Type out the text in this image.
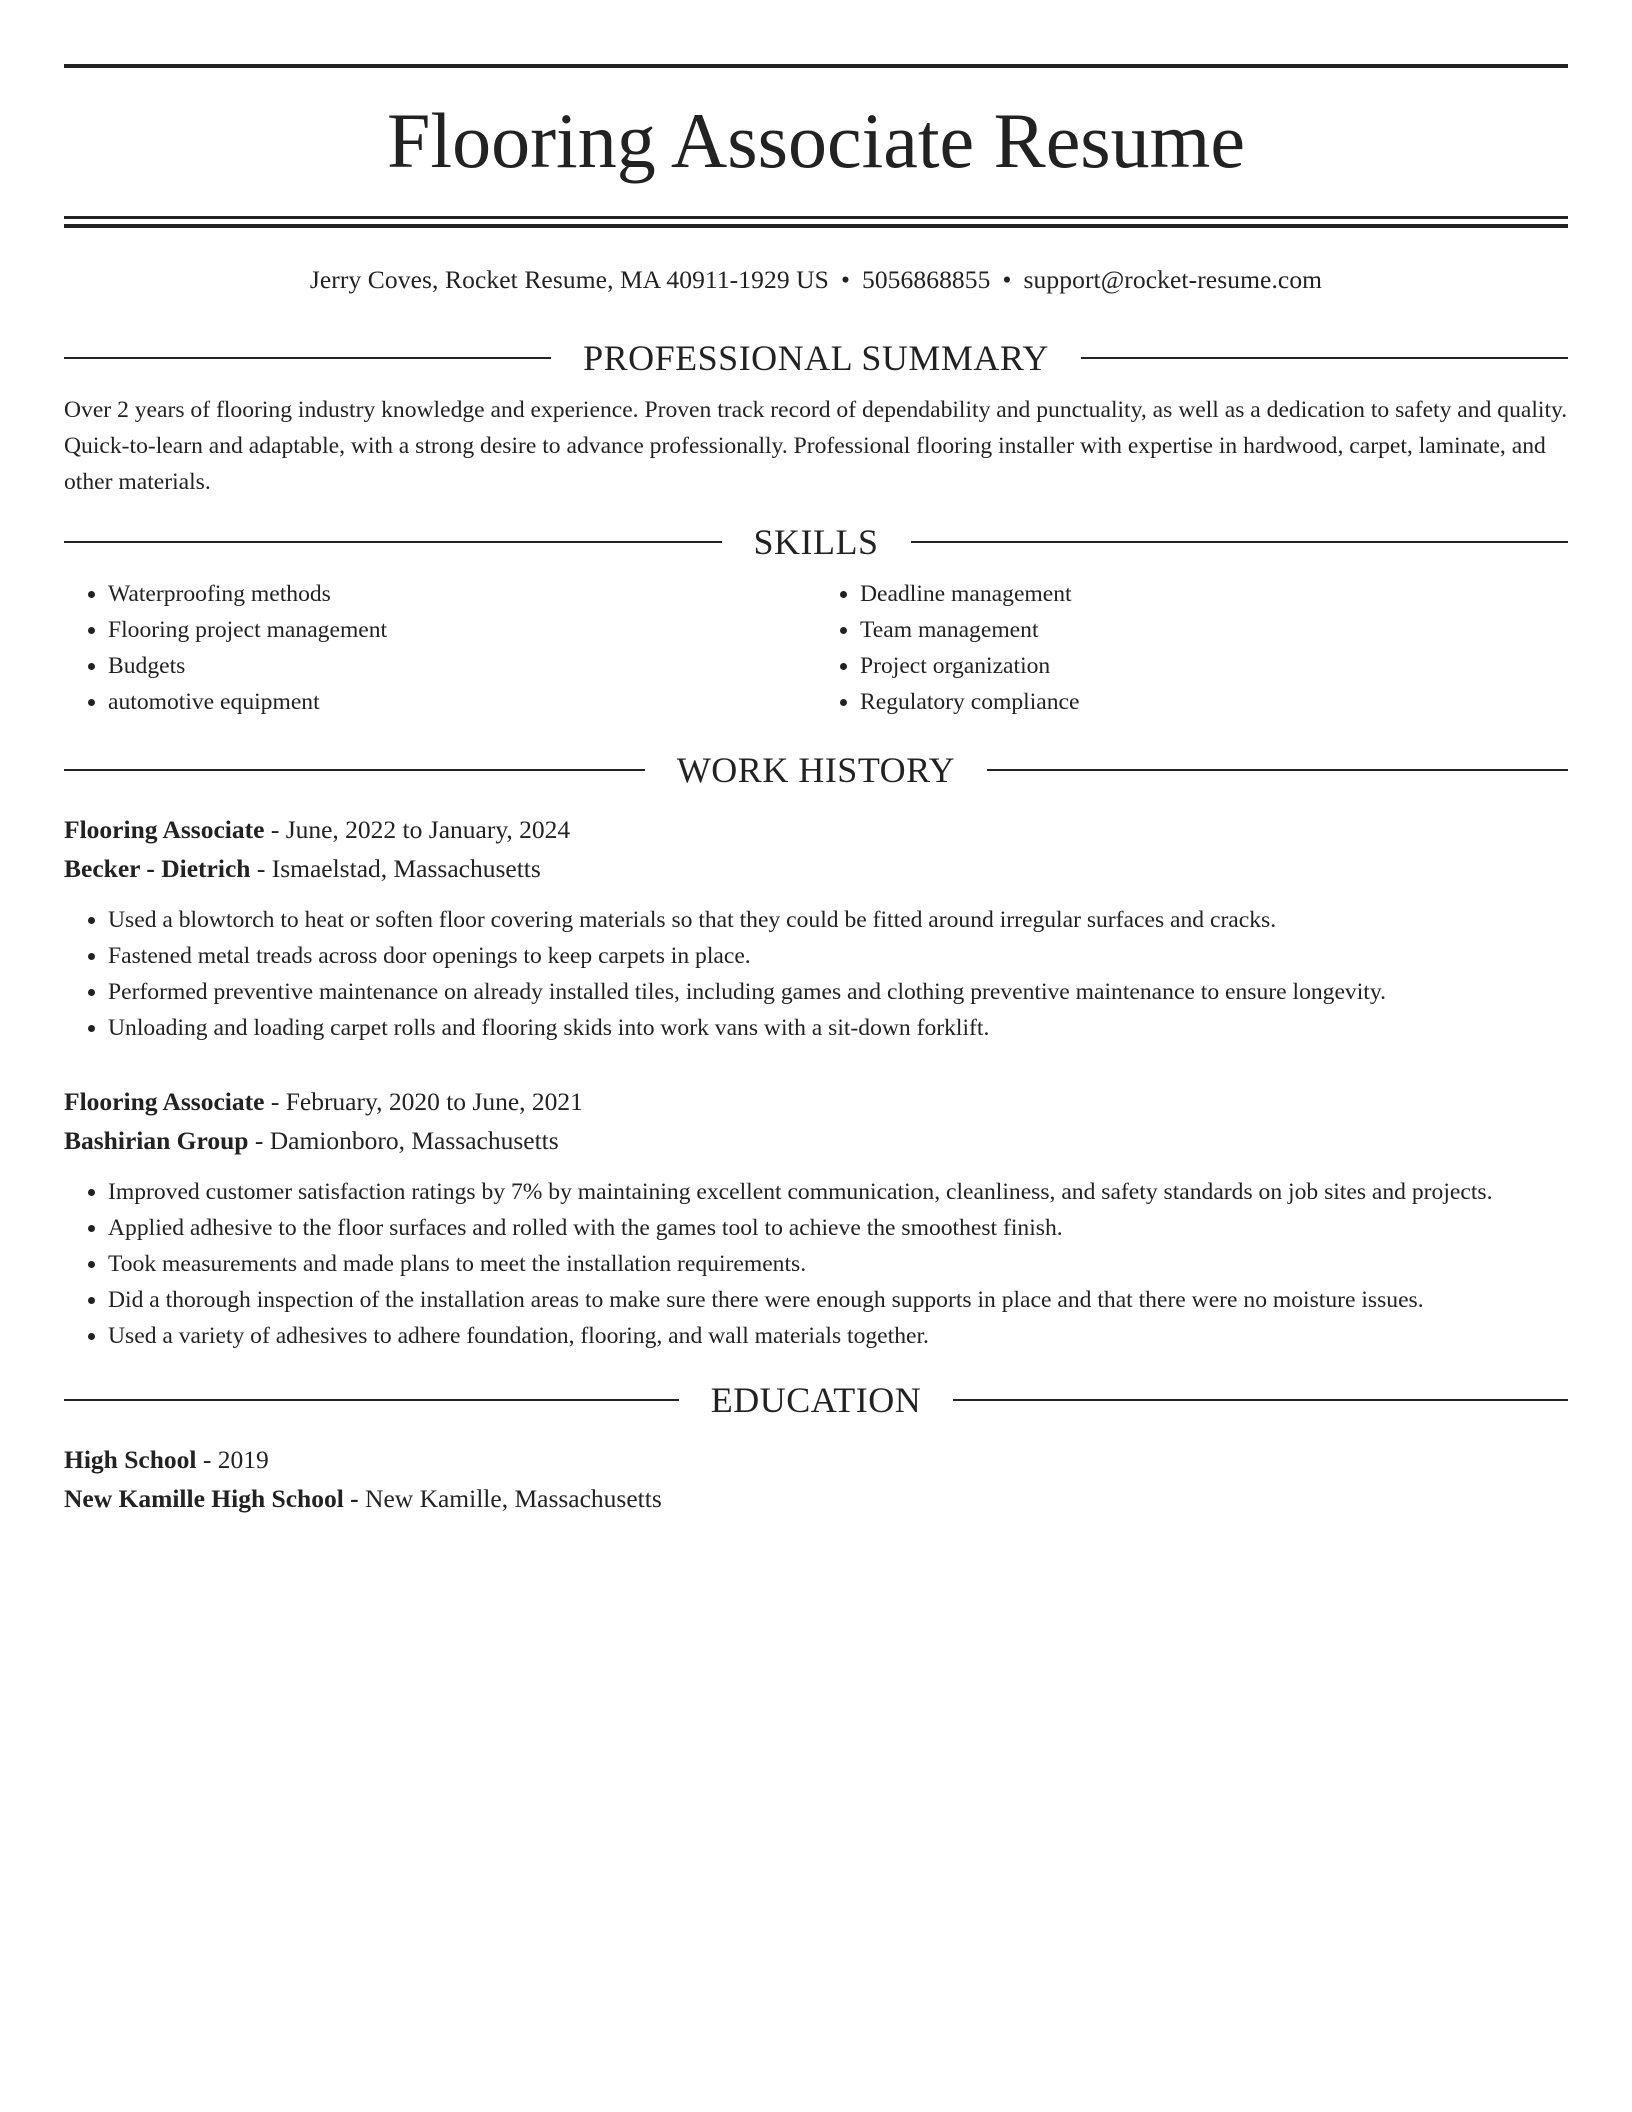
Flooring Associate Resume
Jerry Coves, Rocket Resume, MA 40911-1929 US • 5056868855 • support@rocket-resume.com
PROFESSIONAL SUMMARY
Over 2 years of flooring industry knowledge and experience. Proven track record of dependability and punctuality, as well as a dedication to safety and quality. Quick-to-learn and adaptable, with a strong desire to advance professionally. Professional flooring installer with expertise in hardwood, carpet, laminate, and other materials.
SKILLS
• Waterproofing methods
• Flooring project management
• Budgets
• automotive equipment
• Deadline management
• Team management
• Project organization
• Regulatory compliance
WORK HISTORY
Flooring Associate - June, 2022 to January, 2024
Becker - Dietrich - Ismaelstad, Massachusetts
• Used a blowtorch to heat or soften floor covering materials so that they could be fitted around irregular surfaces and cracks.
• Fastened metal treads across door openings to keep carpets in place.
• Performed preventive maintenance on already installed tiles, including games and clothing preventive maintenance to ensure longevity.
• Unloading and loading carpet rolls and flooring skids into work vans with a sit-down forklift.
Flooring Associate - February, 2020 to June, 2021
Bashirian Group - Damionboro, Massachusetts
• Improved customer satisfaction ratings by 7% by maintaining excellent communication, cleanliness, and safety standards on job sites and projects.
• Applied adhesive to the floor surfaces and rolled with the games tool to achieve the smoothest finish.
• Took measurements and made plans to meet the installation requirements.
• Did a thorough inspection of the installation areas to make sure there were enough supports in place and that there were no moisture issues.
• Used a variety of adhesives to adhere foundation, flooring, and wall materials together.
EDUCATION
High School - 2019
New Kamille High School - New Kamille, Massachusetts
